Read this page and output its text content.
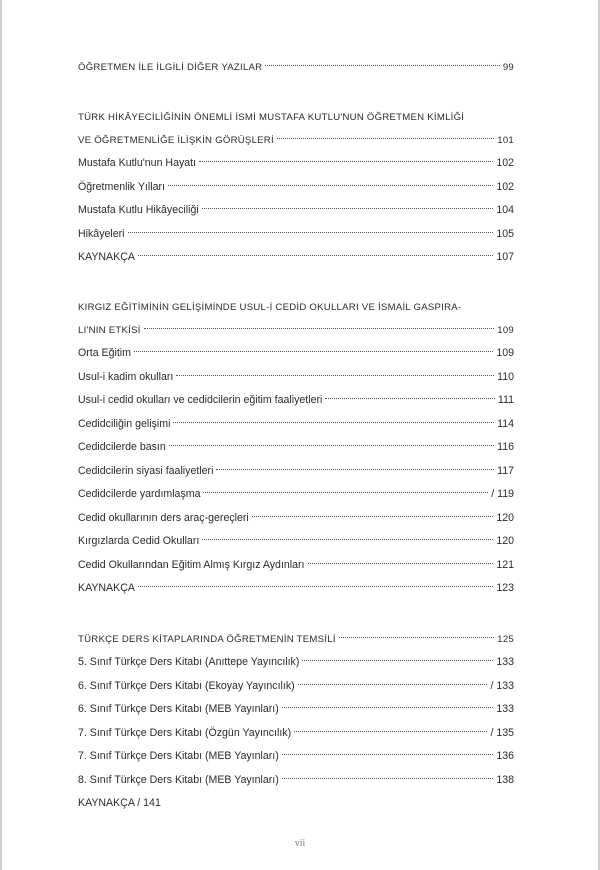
ÖĞRETMEN İLE İLGİLİ DİĞER YAZILAR	99
TÜRK HİKÂYECİLİĞİNİN ÖNEMLİ İSMİ MUSTAFA KUTLU'NUN ÖĞRETMEN KİMLİĞİ
VE ÖĞRETMENLİĞE İLİŞKİN GÖRÜŞLERİ	101
Mustafa Kutlu'nun Hayatı	102
Öğretmenlik Yılları	102
Mustafa Kutlu Hikâyeciliği	104
Hikâyeleri	105
KAYNAKÇA	107
KIRGIZ EĞİTİMİNİN GELİŞİMİNDE USUL-İ CEDİD OKULLARI VE İSMAİL GASPIRA-
LI'NIN ETKİSİ	109
Orta Eğitim	109
Usul-i kadim okulları	110
Usul-i cedid okulları ve cedidcilerin eğitim faaliyetleri	111
Cedidciliğin gelişimi	114
Cedidcilerde basın	116
Cedidcilerin siyasi faaliyetleri	117
Cedidcilerde yardımlaşma	/ 119
Cedid okullarının ders araç-gereçleri	120
Kırgızlarda Cedid Okulları	120
Cedid Okullarından Eğitim Almış Kırgız Aydınları	121
KAYNAKÇA	123
TÜRKÇE DERS KİTAPLARINDA ÖĞRETMENİN TEMSİLİ	125
5. Sınıf Türkçe Ders Kitabı (Anıttepe Yayıncılık)	133
6. Sınıf Türkçe Ders Kitabı (Ekoyay Yayıncılık)	/ 133
6. Sınıf Türkçe Ders Kitabı (MEB Yayınları)	133
7. Sınıf Türkçe Ders Kitabı (Özgün Yayıncılık)	/ 135
7. Sınıf Türkçe Ders Kitabı (MEB Yayınları)	136
8. Sınıf Türkçe Ders Kitabı (MEB Yayınları)	138
KAYNAKÇA / 141
vii
